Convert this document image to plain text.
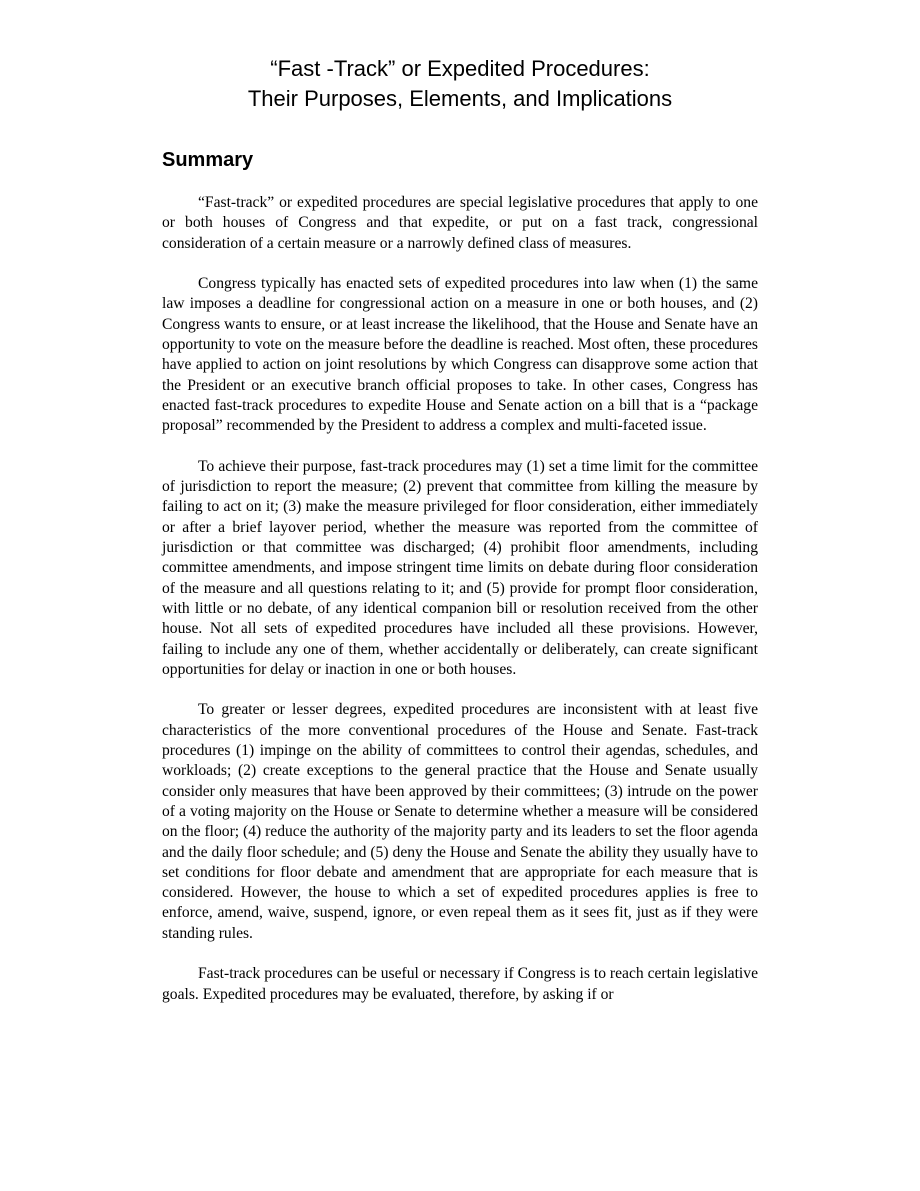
“Fast -Track” or Expedited Procedures:
Their Purposes, Elements, and Implications
Summary

“Fast-track” or expedited procedures are special legislative procedures that apply to one or both houses of Congress and that expedite, or put on a fast track, congressional consideration of a certain measure or a narrowly defined class of measures.

Congress typically has enacted sets of expedited procedures into law when (1) the same law imposes a deadline for congressional action on a measure in one or both houses, and (2) Congress wants to ensure, or at least increase the likelihood, that the House and Senate have an opportunity to vote on the measure before the deadline is reached. Most often, these procedures have applied to action on joint resolutions by which Congress can disapprove some action that the President or an executive branch official proposes to take. In other cases, Congress has enacted fast-track procedures to expedite House and Senate action on a bill that is a “package proposal” recommended by the President to address a complex and multi-faceted issue.

To achieve their purpose, fast-track procedures may (1) set a time limit for the committee of jurisdiction to report the measure; (2) prevent that committee from killing the measure by failing to act on it; (3) make the measure privileged for floor consideration, either immediately or after a brief layover period, whether the measure was reported from the committee of jurisdiction or that committee was discharged; (4) prohibit floor amendments, including committee amendments, and impose stringent time limits on debate during floor consideration of the measure and all questions relating to it; and (5) provide for prompt floor consideration, with little or no debate, of any identical companion bill or resolution received from the other house. Not all sets of expedited procedures have included all these provisions. However, failing to include any one of them, whether accidentally or deliberately, can create significant opportunities for delay or inaction in one or both houses.

To greater or lesser degrees, expedited procedures are inconsistent with at least five characteristics of the more conventional procedures of the House and Senate. Fast-track procedures (1) impinge on the ability of committees to control their agendas, schedules, and workloads; (2) create exceptions to the general practice that the House and Senate usually consider only measures that have been approved by their committees; (3) intrude on the power of a voting majority on the House or Senate to determine whether a measure will be considered on the floor; (4) reduce the authority of the majority party and its leaders to set the floor agenda and the daily floor schedule; and (5) deny the House and Senate the ability they usually have to set conditions for floor debate and amendment that are appropriate for each measure that is considered. However, the house to which a set of expedited procedures applies is free to enforce, amend, waive, suspend, ignore, or even repeal them as it sees fit, just as if they were standing rules.

Fast-track procedures can be useful or necessary if Congress is to reach certain legislative goals. Expedited procedures may be evaluated, therefore, by asking if or
